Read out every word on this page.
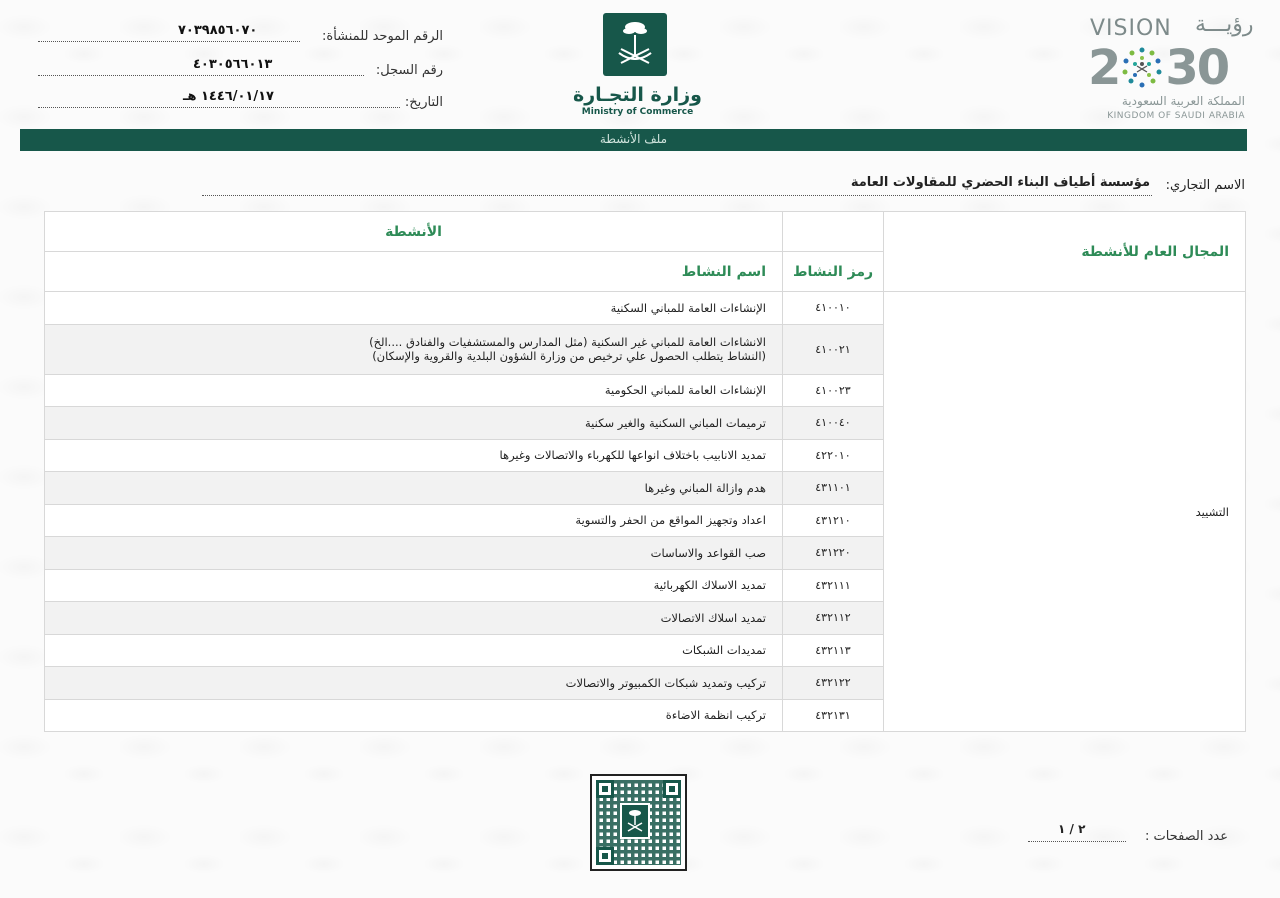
الرقم الموحد للمنشأة:
٧٠٣٩٨٥٦٠٧٠
رقم السجل:
٤٠٣٠٥٦٦٠١٣
التاريخ:
١٤٤٦/٠١/١٧ هـ	وزارة التجـارة
Ministry of Commerce
VISION رؤيـــة
2 30
المملكة العربية السعودية
KINGDOM OF SAUDI ARABIA
ملف الأنشطة
الاسم التجاري:
مؤسسة أطياف البناء الحضري للمقاولات العامة
المجال العام للأنشطة		الأنشطة
	رمز النشاط	اسم النشاط
التشييد	٤١٠٠١٠	الإنشاءات العامة للمباني السكنية
	٤١٠٠٢١	الانشاءات العامة للمباني غير السكنية (مثل المدارس والمستشفيات والفنادق ....الخ)
(النشاط يتطلب الحصول علي ترخيص من وزارة الشؤون البلدية والقروية والإسكان)

	٤١٠٠٢٣	الإنشاءات العامة للمباني الحكومية
	٤١٠٠٤٠	ترميمات المباني السكنية والغير سكنية
	٤٢٢٠١٠	تمديد الانابيب باختلاف انواعها للكهرباء والاتصالات وغيرها
	٤٣١١٠١	هدم وازالة المباني وغيرها
	٤٣١٢١٠	اعداد وتجهيز المواقع من الحفر والتسوية
	٤٣١٢٢٠	صب القواعد والاساسات
	٤٣٢١١١	تمديد الاسلاك الكهربائية
	٤٣٢١١٢	تمديد اسلاك الاتصالات
	٤٣٢١١٣	تمديدات الشبكات
	٤٣٢١٢٢	تركيب وتمديد شبكات الكمبيوتر والاتصالات
	٤٣٢١٣١	تركيب انظمة الاضاءة
عدد الصفحات :
٢ / ١
